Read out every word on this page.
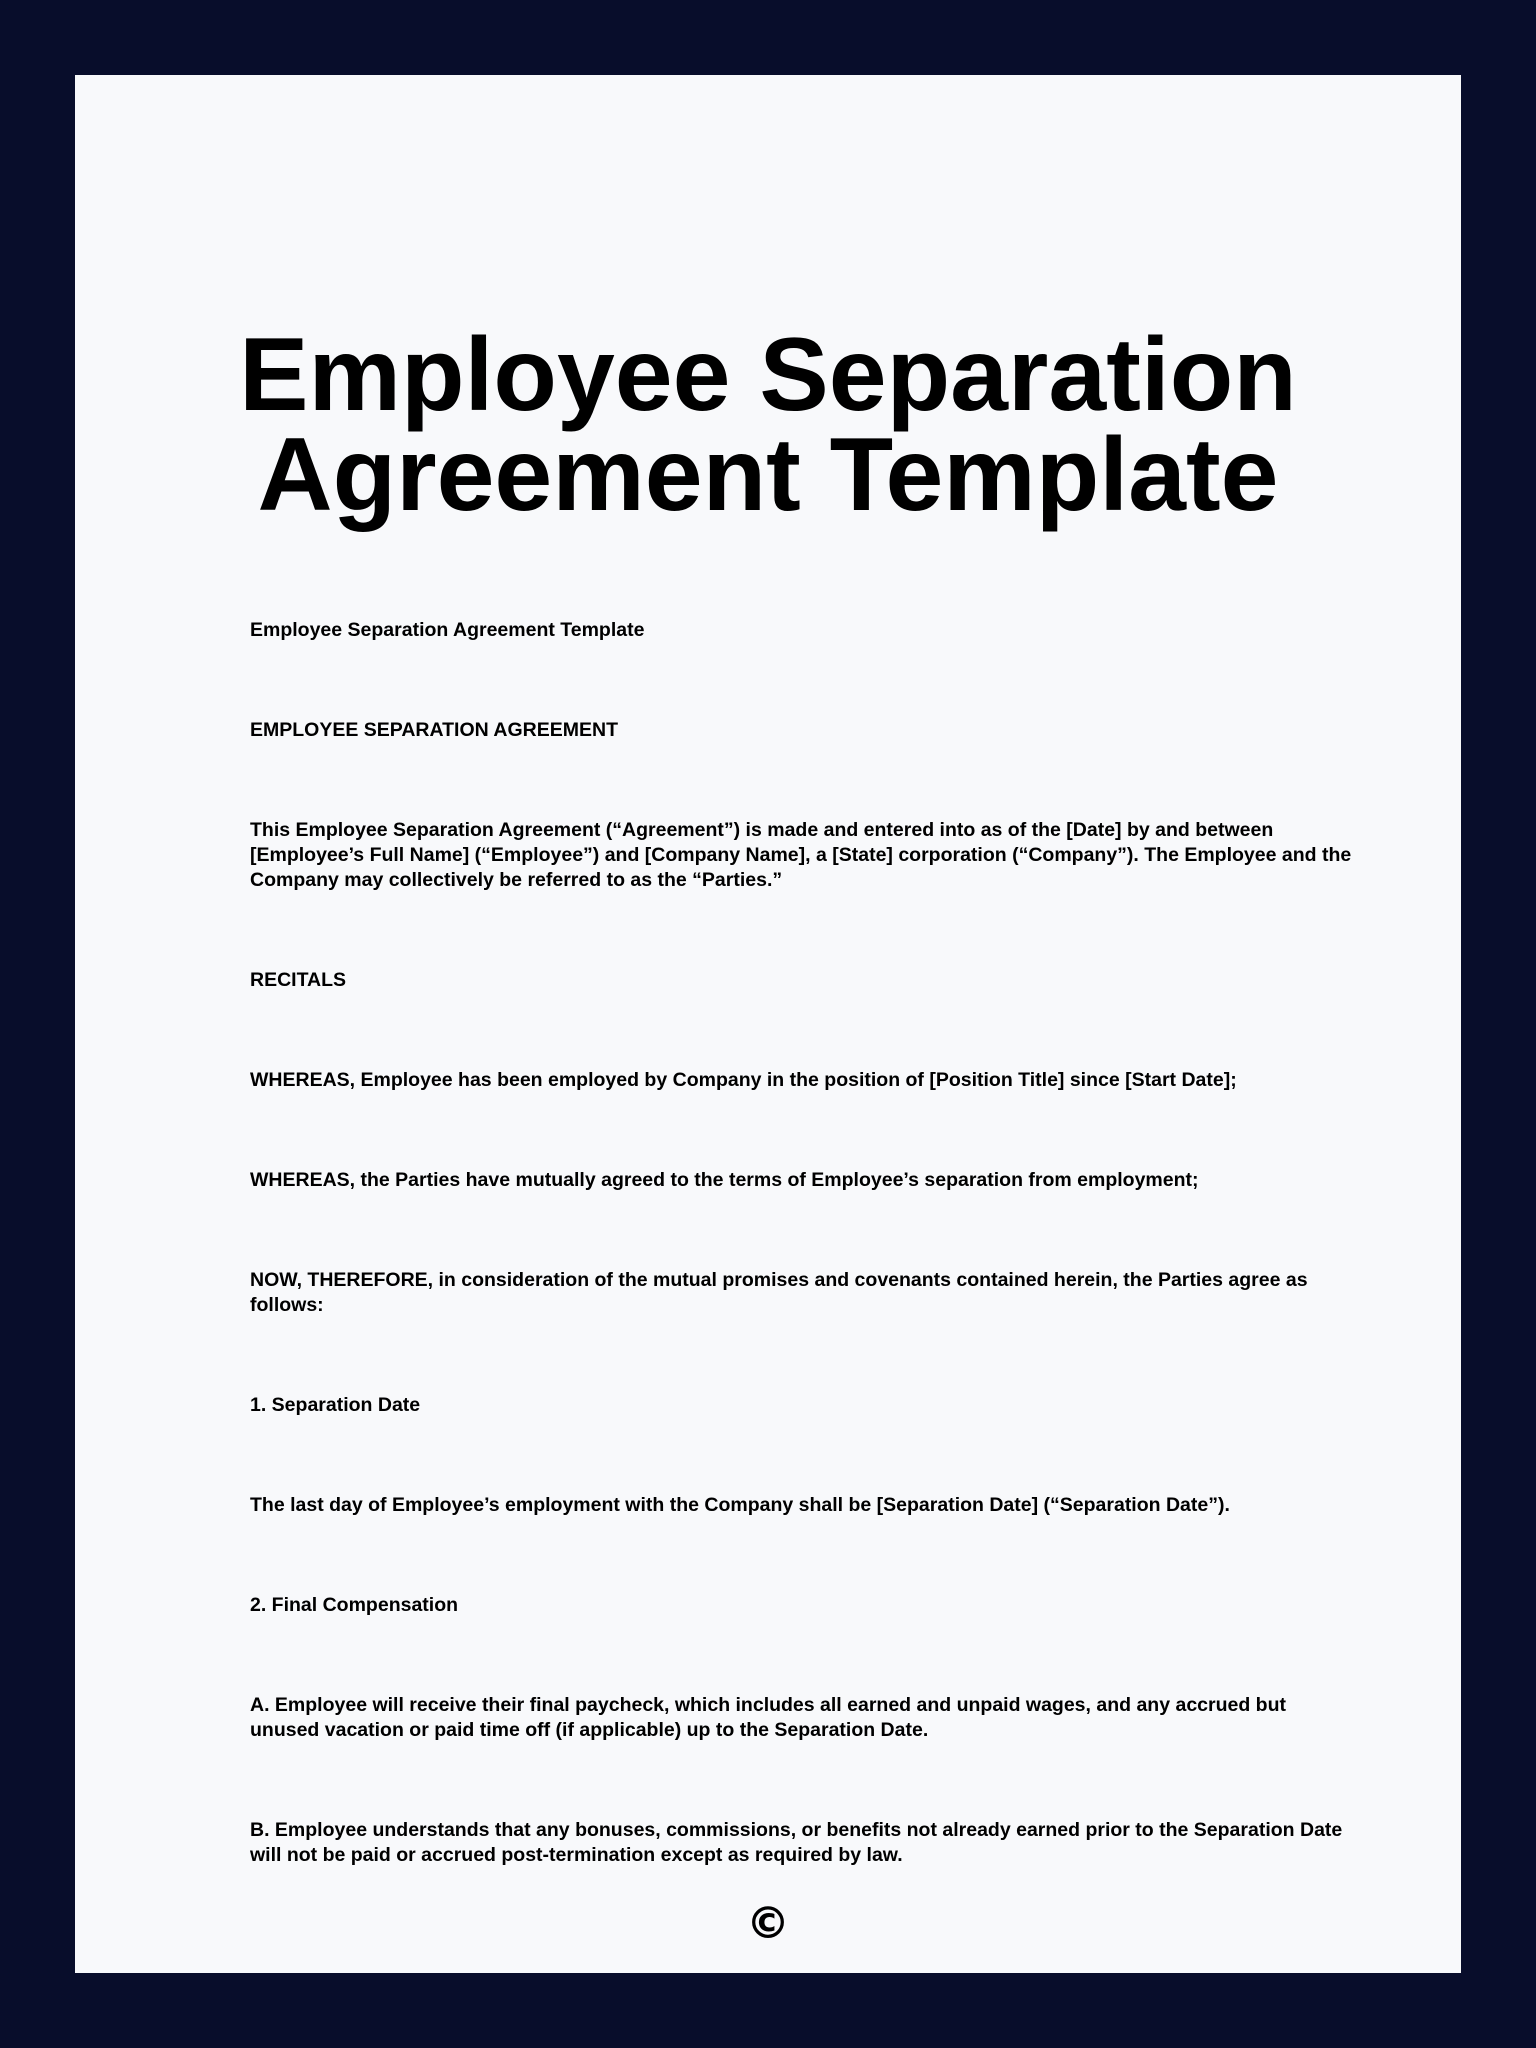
Employee Separation
Agreement Template

Employee Separation Agreement Template

EMPLOYEE SEPARATION AGREEMENT

This Employee Separation Agreement (“Agreement”) is made and entered into as of the [Date] by and between [Employee’s Full Name] (“Employee”) and [Company Name], a [State] corporation (“Company”). The Employee and the Company may collectively be referred to as the “Parties.”

RECITALS

WHEREAS, Employee has been employed by Company in the position of [Position Title] since [Start Date];

WHEREAS, the Parties have mutually agreed to the terms of Employee’s separation from employment;

NOW, THEREFORE, in consideration of the mutual promises and covenants contained herein, the Parties agree as follows:

1. Separation Date

The last day of Employee’s employment with the Company shall be [Separation Date] (“Separation Date”).

2. Final Compensation

A. Employee will receive their final paycheck, which includes all earned and unpaid wages, and any accrued but unused vacation or paid time off (if applicable) up to the Separation Date.

B. Employee understands that any bonuses, commissions, or benefits not already earned prior to the Separation Date will not be paid or accrued post-termination except as required by law.

©
